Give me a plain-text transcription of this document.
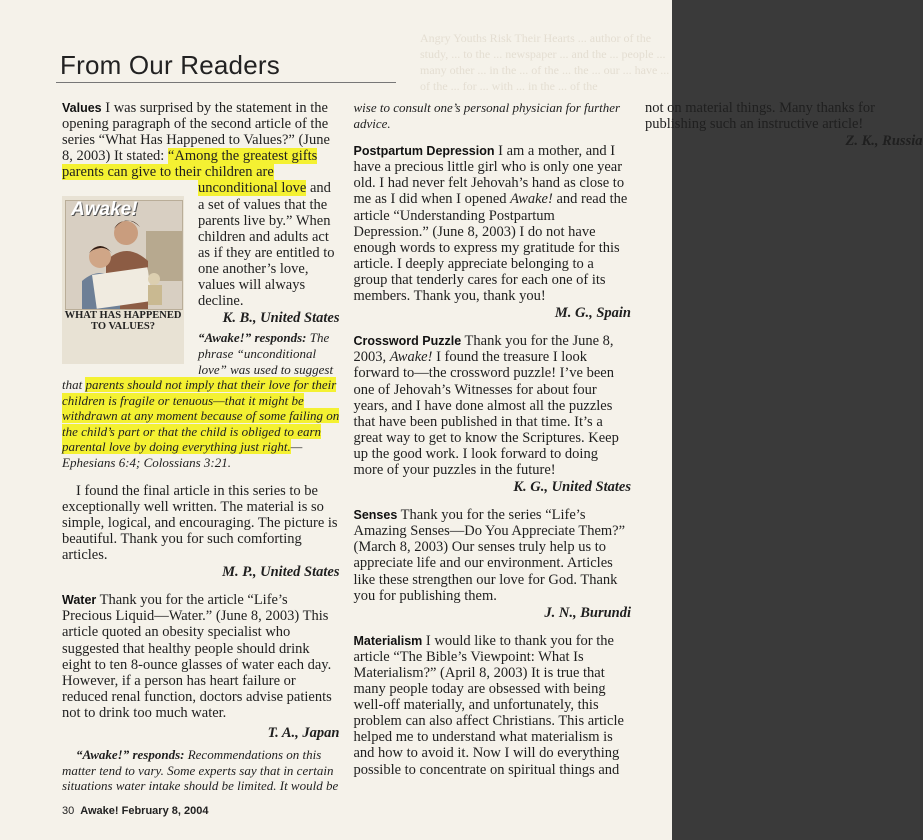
Angry Youths Risk Their Hearts ... author of the study, ... to the ... newspaper ... and the ... people ... many other ... in the ... of the ... the ... our ... have ... of the ... for ... with ... in the ... of the
From Our Readers
30 Awake! February 8, 2004

Values I was surprised by the statement in the opening paragraph of the second article of the series “What Has Happened to Values?” (June 8, 2003) It stated: “Among the greatest gifts parents can give to their children are unconditional love
Awake!
WHAT HAS HAPPENED TO VALUES?
and a set of values that the parents live by.” When children and adults act as if they are entitled to one another’s love, values will always decline.

K. B., United States

“Awake!” responds: The phrase “unconditional love” was used to suggest that parents should not imply that their love for their children is fragile or tenuous—that it might be withdrawn at any moment because of some failing on the child’s part or that the child is obliged to earn parental love by doing everything just right.—Ephesians 6:4; Colossians 3:21.

I found the final article in this series to be exceptionally well written. The material is so simple, logical, and encouraging. The picture is beautiful. Thank you for such comforting articles.

M. P., United States

Water Thank you for the article “Life’s Precious Liquid—Water.” (June 8, 2003) This article quoted an obesity specialist who suggested that healthy people should drink eight to ten 8-ounce glasses of water each day. However, if a person has heart failure or reduced renal function, doctors advise patients not to drink too much water.

T. A., Japan

“Awake!” responds: Recommendations on this matter tend to vary. Some experts say that in certain situations water intake should be limited. It would be wise to consult one’s personal physician for further advice.

Postpartum Depression I am a mother, and I have a precious little girl who is only one year old. I had never felt Jehovah’s hand as close to me as I did when I opened Awake! and read the article “Understanding Postpartum Depression.” (June 8, 2003) I do not have enough words to express my gratitude for this article. I deeply appreciate belonging to a group that tenderly cares for each one of its members. Thank you, thank you!

M. G., Spain

Crossword Puzzle Thank you for the June 8, 2003, Awake! I found the treasure I look forward to—the crossword puzzle! I’ve been one of Jehovah’s Witnesses for about four years, and I have done almost all the puzzles that have been published in that time. It’s a great way to get to know the Scriptures. Keep up the good work. I look forward to doing more of your puzzles in the future!

K. G., United States

Senses Thank you for the series “Life’s Amazing Senses—Do You Appreciate Them?” (March 8, 2003) Our senses truly help us to appreciate life and our environment. Articles like these strengthen our love for God. Thank you for publishing them.

J. N., Burundi

Materialism I would like to thank you for the article “The Bible’s Viewpoint: What Is Materialism?” (April 8, 2003) It is true that many people today are obsessed with being well-off materially, and unfortunately, this problem can also affect Christians. This article helped me to understand what materialism is and how to avoid it. Now I will do everything possible to concentrate on spiritual things and not on material things. Many thanks for publishing such an instructive article!

Z. K., Russia
